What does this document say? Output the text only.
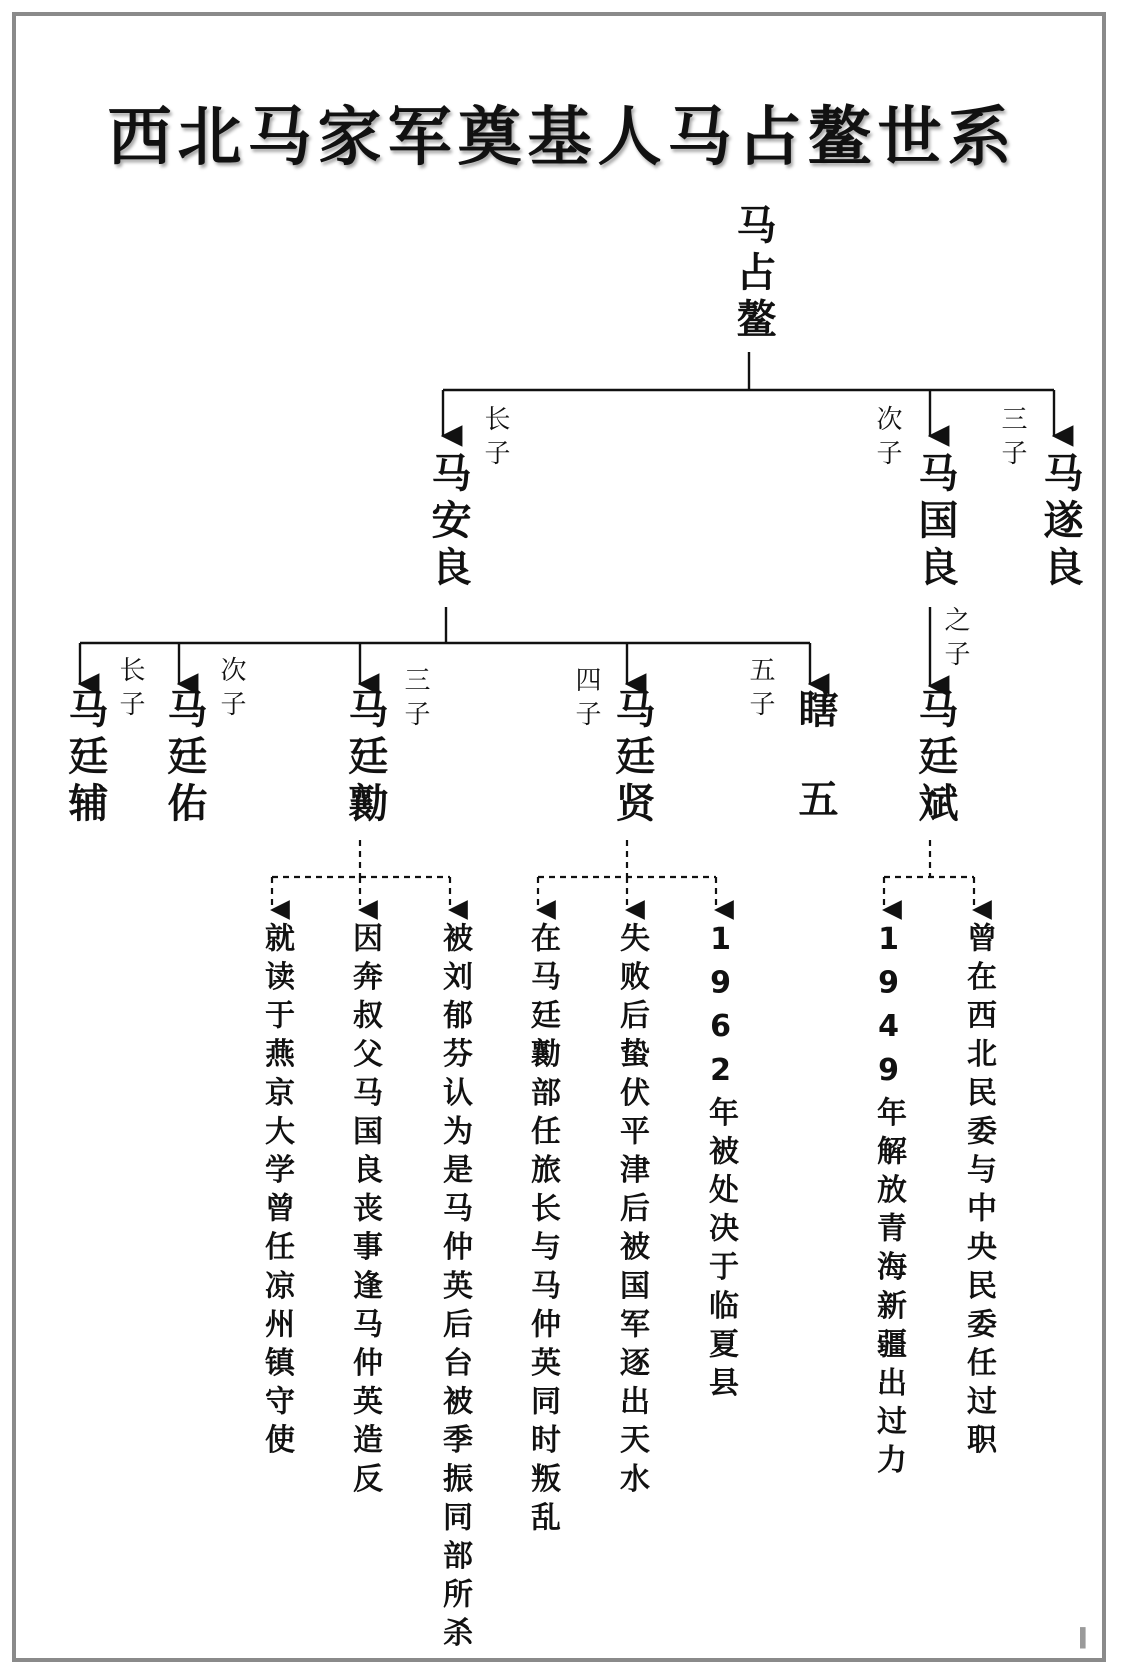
西北马家军奠基人马占鳌世系
马占鳌
长子
马安良
次子
马国良
三子
马遂良
长子
马廷辅	次子
马廷佑	三子
马廷勷	四子 马廷贤	五子 瞎五
之子
马廷斌
就读于燕京大学曾任凉州镇守使 因奔叔父马国良丧事逢马仲英造反 被刘郁芬认为是马仲英后台被季振同部所杀 在马廷勷部任旅长与马仲英同时叛乱 失败后蛰伏平津后被国军逐出天水 1962年被处决于临夏县	1949年解放青海新疆出过力 曾在西北民委与中央民委任过职
▌
